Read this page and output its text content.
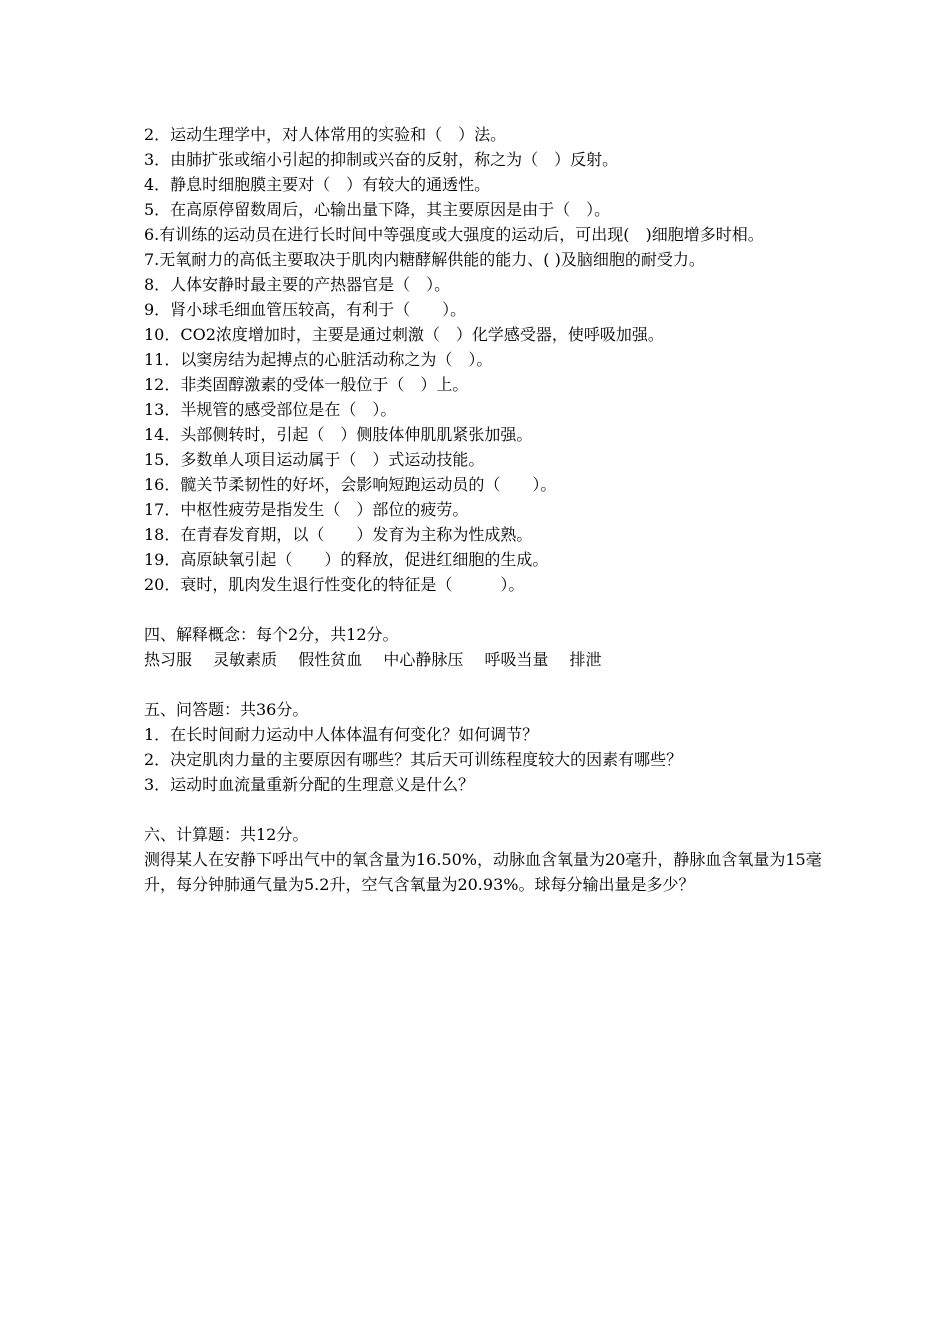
2．运动生理学中，对人体常用的实验和（　）法。
3．由肺扩张或缩小引起的抑制或兴奋的反射，称之为（　）反射。
4．静息时细胞膜主要对（　）有较大的通透性。
5．在高原停留数周后，心输出量下降，其主要原因是由于（　）。
6.有训练的运动员在进行长时间中等强度或大强度的运动后，可出现(　)细胞增多时相。
7.无氧耐力的高低主要取决于肌肉内糖酵解供能的能力、( )及脑细胞的耐受力。
8．人体安静时最主要的产热器官是（　）。
9．肾小球毛细血管压较高，有利于（　　）。
10．CO2浓度增加时，主要是通过刺激（　）化学感受器，使呼吸加强。
11．以窦房结为起搏点的心脏活动称之为（　）。
12．非类固醇激素的受体一般位于（　）上。
13．半规管的感受部位是在（　）。
14．头部侧转时，引起（　）侧肢体伸肌肌紧张加强。
15．多数单人项目运动属于（　）式运动技能。
16．髋关节柔韧性的好坏，会影响短跑运动员的（　　）。
17．中枢性疲劳是指发生（　）部位的疲劳。
18．在青春发育期，以（　　）发育为主称为性成熟。
19．高原缺氧引起（　　）的释放，促进红细胞的生成。
20．衰时，肌肉发生退行性变化的特征是（　　　）。
四、解释概念：每个2分，共12分。
热习服 灵敏素质 假性贫血 中心静脉压 呼吸当量 排泄
五、问答题：共36分。
1．在长时间耐力运动中人体体温有何变化？如何调节？
2．决定肌肉力量的主要原因有哪些？其后天可训练程度较大的因素有哪些？
3．运动时血流量重新分配的生理意义是什么？
六、计算题：共12分。
测得某人在安静下呼出气中的氧含量为16.50%，动脉血含氧量为20毫升，静脉血含氧量为15毫升，每分钟肺通气量为5.2升，空气含氧量为20.93%。球每分输出量是多少？
